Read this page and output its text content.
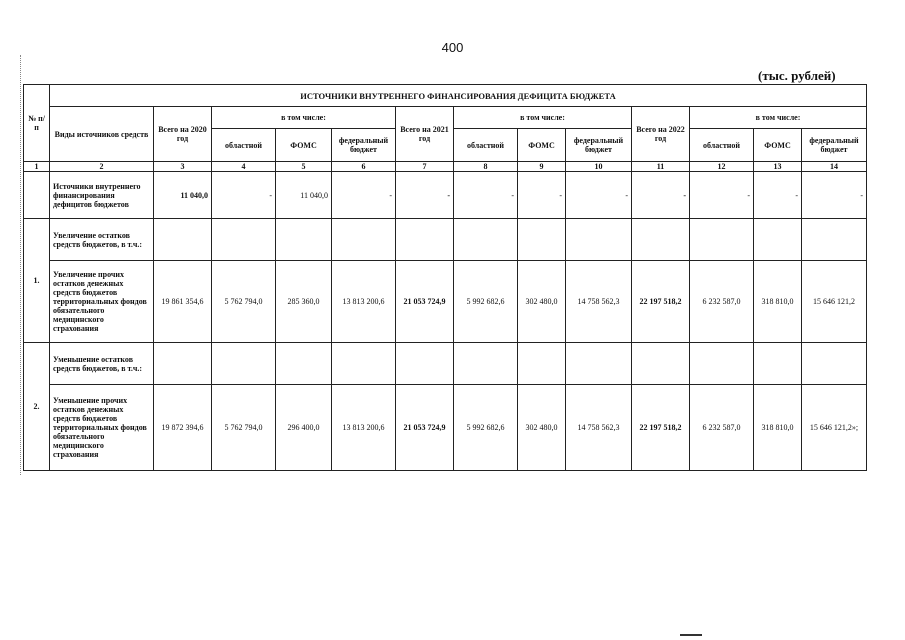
400
(тыс. рублей)
№ п/п	ИСТОЧНИКИ ВНУТРЕННЕГО ФИНАНСИРОВАНИЯ ДЕФИЦИТА БЮДЖЕТА												
	Виды источников средств	Всего на 2020 год	в том числе:			Всего на 2021 год	в том числе:			Всего на 2022 год	в том числе:		
			областной	ФОМС	федеральный бюджет		областной	ФОМС	федеральный бюджет		областной	ФОМС	федеральный бюджет
1	2	3	4	5	6	7	8	9	10	11	12	13	14
	Источники внутреннего финансирования дефицитов бюджетов	11 040,0	-	11 040,0	-	-	-	-	-	-	-	-	-
1.	Увеличение остатков средств бюджетов, в т.ч.:												
	Увеличение прочих остатков денежных средств бюджетов территориальных фондов обязательного медицинского страхования	19 861 354,6	5 762 794,0	285 360,0	13 813 200,6	21 053 724,9	5 992 682,6	302 480,0	14 758 562,3	22 197 518,2	6 232 587,0	318 810,0	15 646 121,2
2.	Уменьшение остатков средств бюджетов, в т.ч.:												
	Уменьшение прочих остатков денежных средств бюджетов территориальных фондов обязательного медицинского страхования	19 872 394,6	5 762 794,0	296 400,0	13 813 200,6	21 053 724,9	5 992 682,6	302 480,0	14 758 562,3	22 197 518,2	6 232 587,0	318 810,0	15 646 121,2»;
